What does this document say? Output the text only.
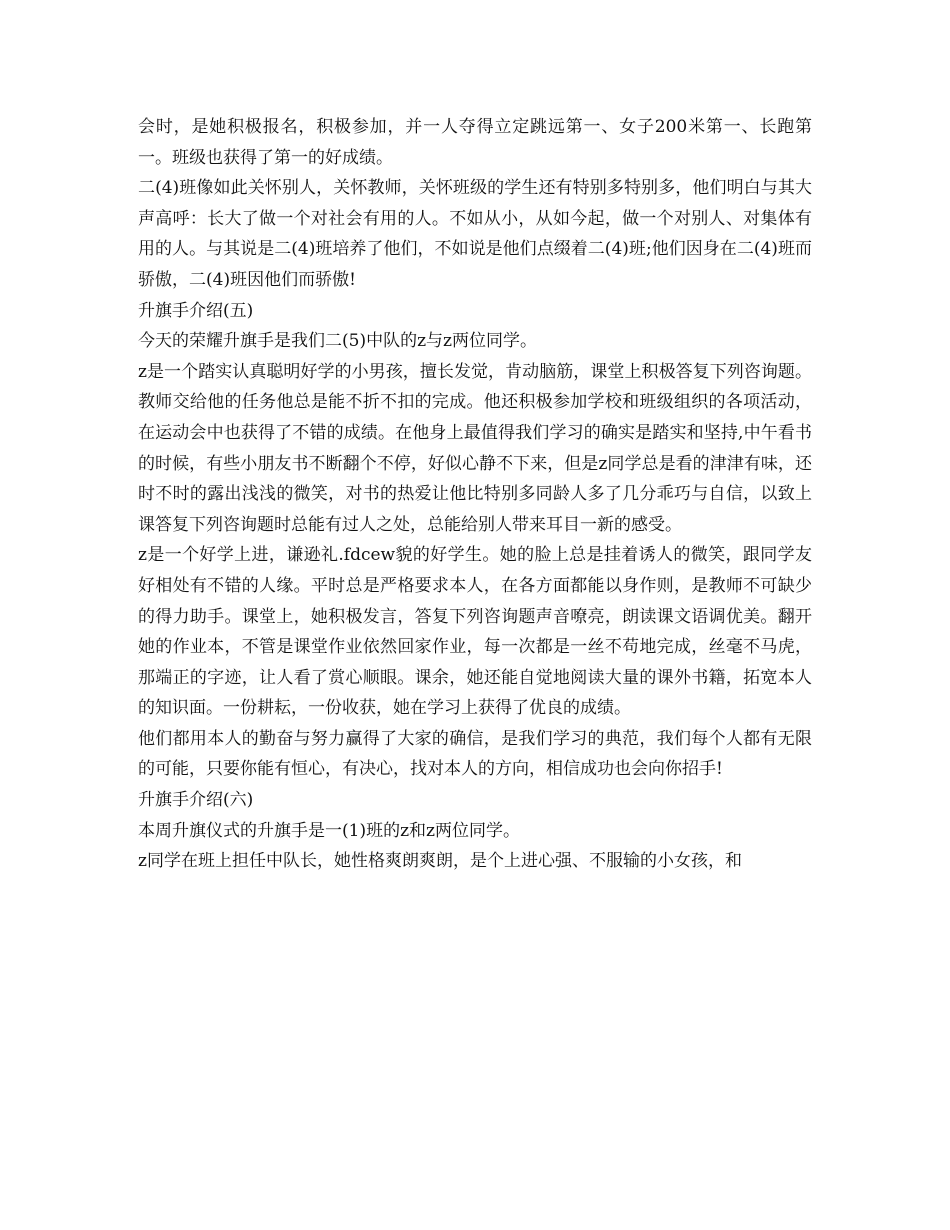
会时，是她积极报名，积极参加，并一人夺得立定跳远第一、女子200米第一、长跑第一。班级也获得了第一的好成绩。

二(4)班像如此关怀别人，关怀教师，关怀班级的学生还有特别多特别多，他们明白与其大声高呼：长大了做一个对社会有用的人。不如从小，从如今起，做一个对别人、对集体有用的人。与其说是二(4)班培养了他们，不如说是他们点缀着二(4)班;他们因身在二(4)班而骄傲，二(4)班因他们而骄傲!

升旗手介绍(五)

今天的荣耀升旗手是我们二(5)中队的z与z两位同学。

z是一个踏实认真聪明好学的小男孩，擅长发觉，肯动脑筋，课堂上积极答复下列咨询题。教师交给他的任务他总是能不折不扣的完成。他还积极参加学校和班级组织的各项活动，在运动会中也获得了不错的成绩。在他身上最值得我们学习的确实是踏实和坚持,中午看书的时候，有些小朋友书不断翻个不停，好似心静不下来，但是z同学总是看的津津有味，还时不时的露出浅浅的微笑，对书的热爱让他比特别多同龄人多了几分乖巧与自信，以致上课答复下列咨询题时总能有过人之处，总能给别人带来耳目一新的感受。

z是一个好学上进，谦逊礼.fdcew貌的好学生。她的脸上总是挂着诱人的微笑，跟同学友好相处有不错的人缘。平时总是严格要求本人，在各方面都能以身作则，是教师不可缺少的得力助手。课堂上，她积极发言，答复下列咨询题声音嘹亮，朗读课文语调优美。翻开她的作业本，不管是课堂作业依然回家作业，每一次都是一丝不苟地完成，丝毫不马虎，那端正的字迹，让人看了赏心顺眼。课余，她还能自觉地阅读大量的课外书籍，拓宽本人的知识面。一份耕耘，一份收获，她在学习上获得了优良的成绩。

他们都用本人的勤奋与努力赢得了大家的确信，是我们学习的典范，我们每个人都有无限的可能，只要你能有恒心，有决心，找对本人的方向，相信成功也会向你招手!

升旗手介绍(六)

本周升旗仪式的升旗手是一(1)班的z和z两位同学。

z同学在班上担任中队长，她性格爽朗爽朗，是个上进心强、不服输的小女孩，和
